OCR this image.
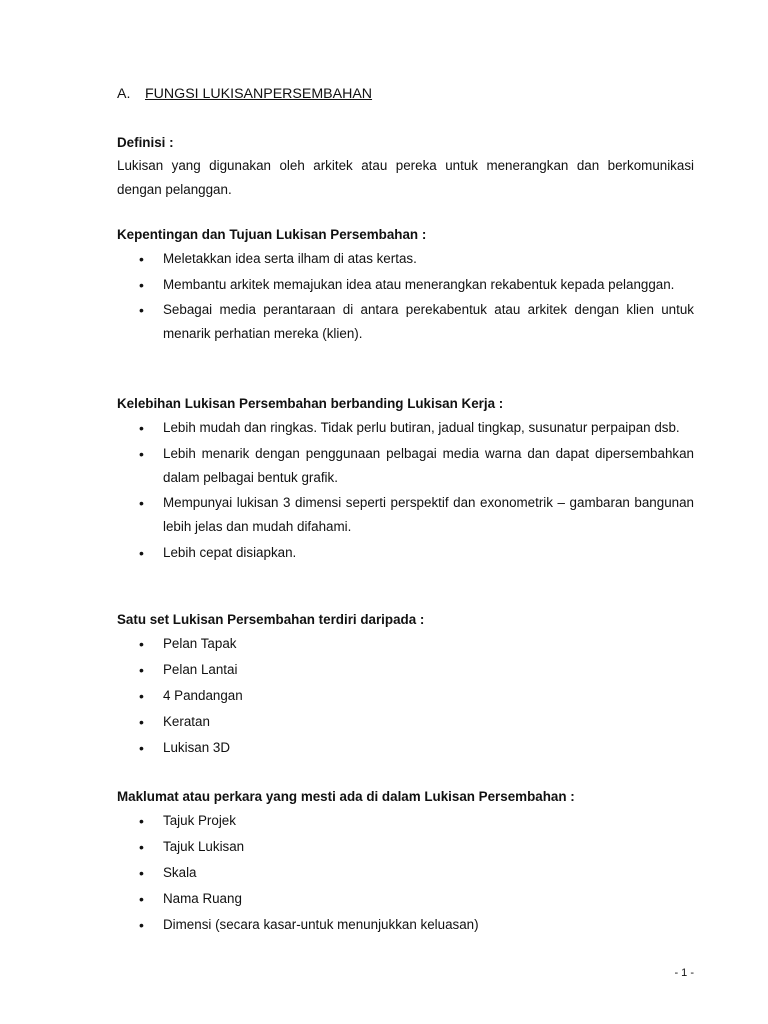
A. FUNGSI LUKISANPERSEMBAHAN

Definisi :

Lukisan yang digunakan oleh arkitek atau pereka untuk menerangkan dan berkomunikasi dengan pelanggan.

Kepentingan dan Tujuan Lukisan Persembahan :

• Meletakkan idea serta ilham di atas kertas.
• Membantu arkitek memajukan idea atau menerangkan rekabentuk kepada pelanggan.
• Sebagai media perantaraan di antara perekabentuk atau arkitek dengan klien untuk menarik perhatian mereka (klien).

Kelebihan Lukisan Persembahan berbanding Lukisan Kerja :

• Lebih mudah dan ringkas. Tidak perlu butiran, jadual tingkap, susunatur perpaipan dsb.
• Lebih menarik dengan penggunaan pelbagai media warna dan dapat dipersembahkan dalam pelbagai bentuk grafik.
• Mempunyai lukisan 3 dimensi seperti perspektif dan exonometrik – gambaran bangunan lebih jelas dan mudah difahami.
• Lebih cepat disiapkan.

Satu set Lukisan Persembahan terdiri daripada :

• Pelan Tapak
• Pelan Lantai
• 4 Pandangan
• Keratan
• Lukisan 3D

Maklumat atau perkara yang mesti ada di dalam Lukisan Persembahan :

• Tajuk Projek
• Tajuk Lukisan
• Skala
• Nama Ruang
• Dimensi (secara kasar-untuk menunjukkan keluasan)
- 1 -
